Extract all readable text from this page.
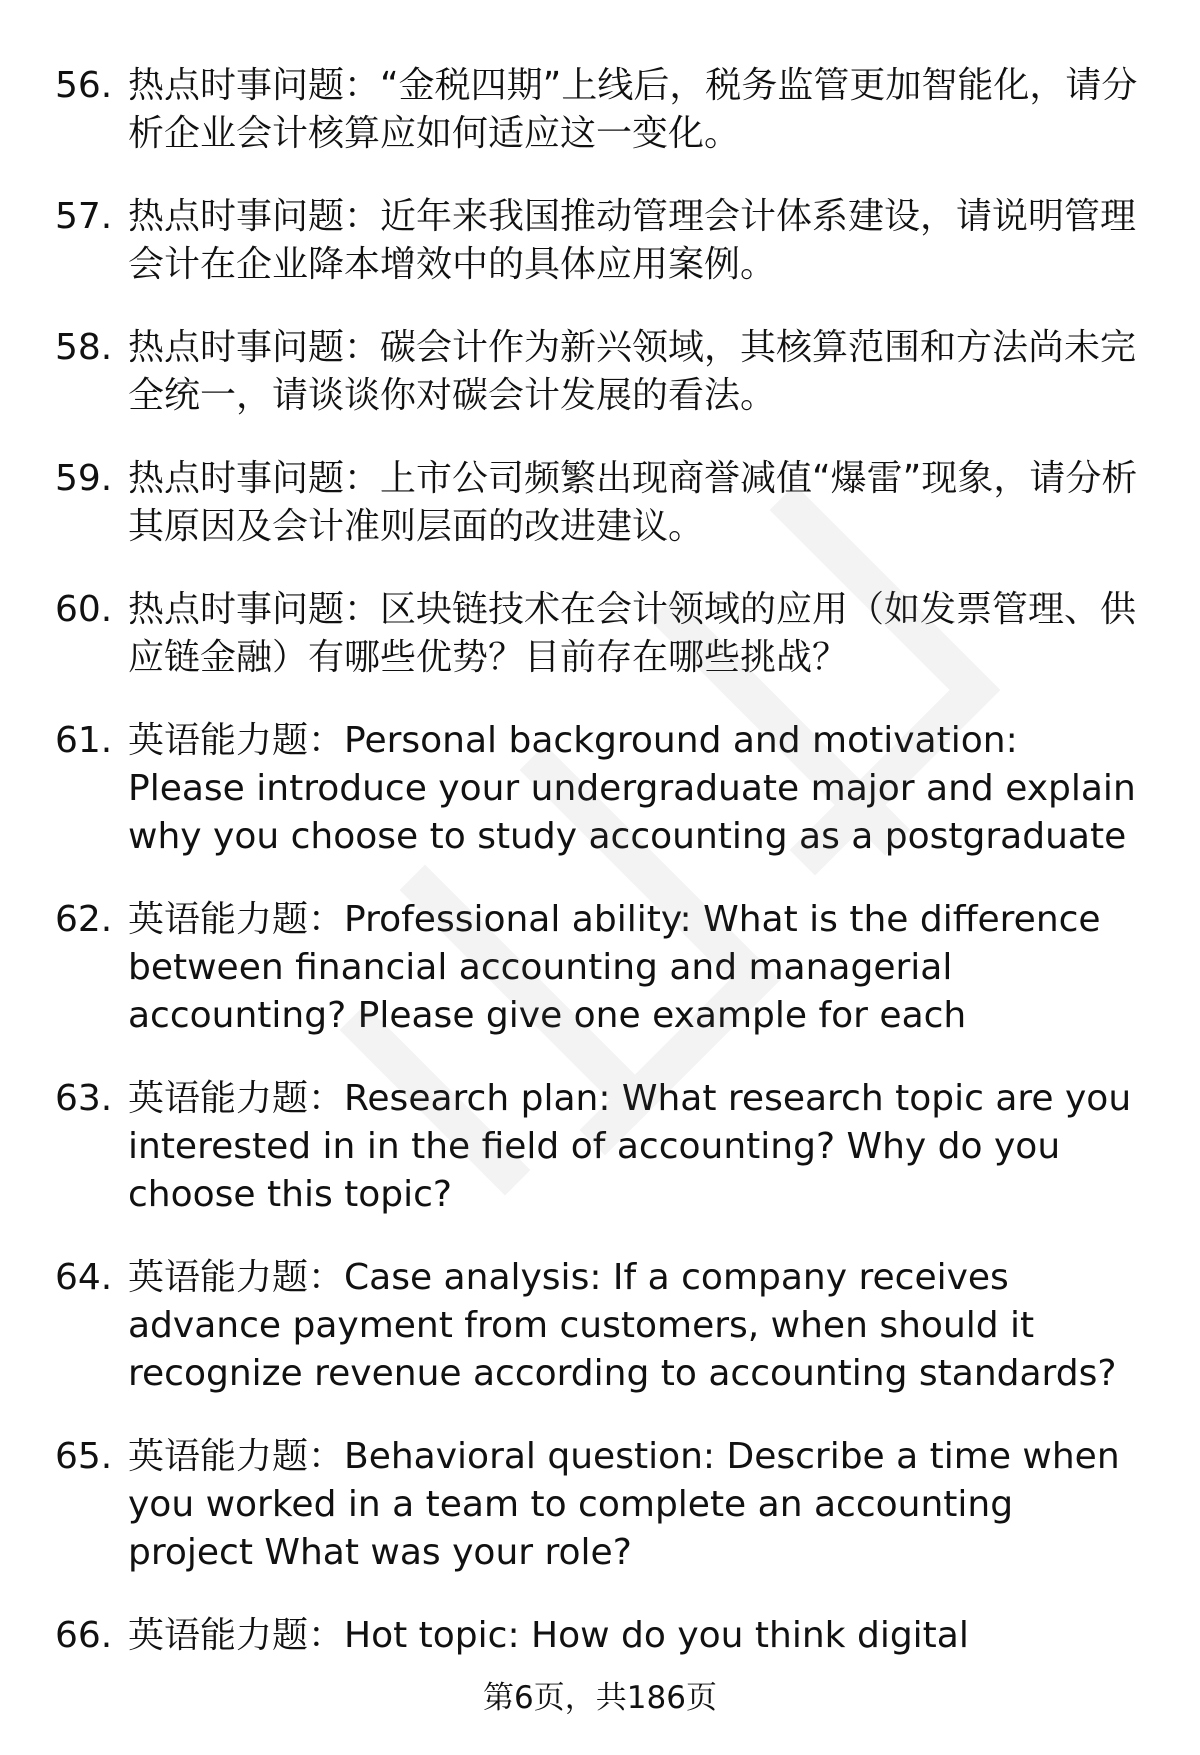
56. 热点时事问题：“金税四期”上线后，税务监管更加智能化，请分析企业会计核算应如何适应这一变化。
57. 热点时事问题：近年来我国推动管理会计体系建设，请说明管理会计在企业降本增效中的具体应用案例。
58. 热点时事问题：碳会计作为新兴领域，其核算范围和方法尚未完全统一，请谈谈你对碳会计发展的看法。
59. 热点时事问题：上市公司频繁出现商誉减值“爆雷”现象，请分析其原因及会计准则层面的改进建议。
60. 热点时事问题：区块链技术在会计领域的应用（如发票管理、供应链金融）有哪些优势？目前存在哪些挑战？
61. 英语能力题：Personal background and motivation: Please introduce your undergraduate major and explain why you choose to study accounting as a postgraduate
62. 英语能力题：Professional ability: What is the difference between financial accounting and managerial accounting? Please give one example for each
63. 英语能力题：Research plan: What research topic are you interested in in the field of accounting? Why do you choose this topic?
64. 英语能力题：Case analysis: If a company receives advance payment from customers, when should it recognize revenue according to accounting standards?
65. 英语能力题：Behavioral question: Describe a time when you worked in a team to complete an accounting project What was your role?
66. 英语能力题：Hot topic: How do you think digital
第6页，共186页
